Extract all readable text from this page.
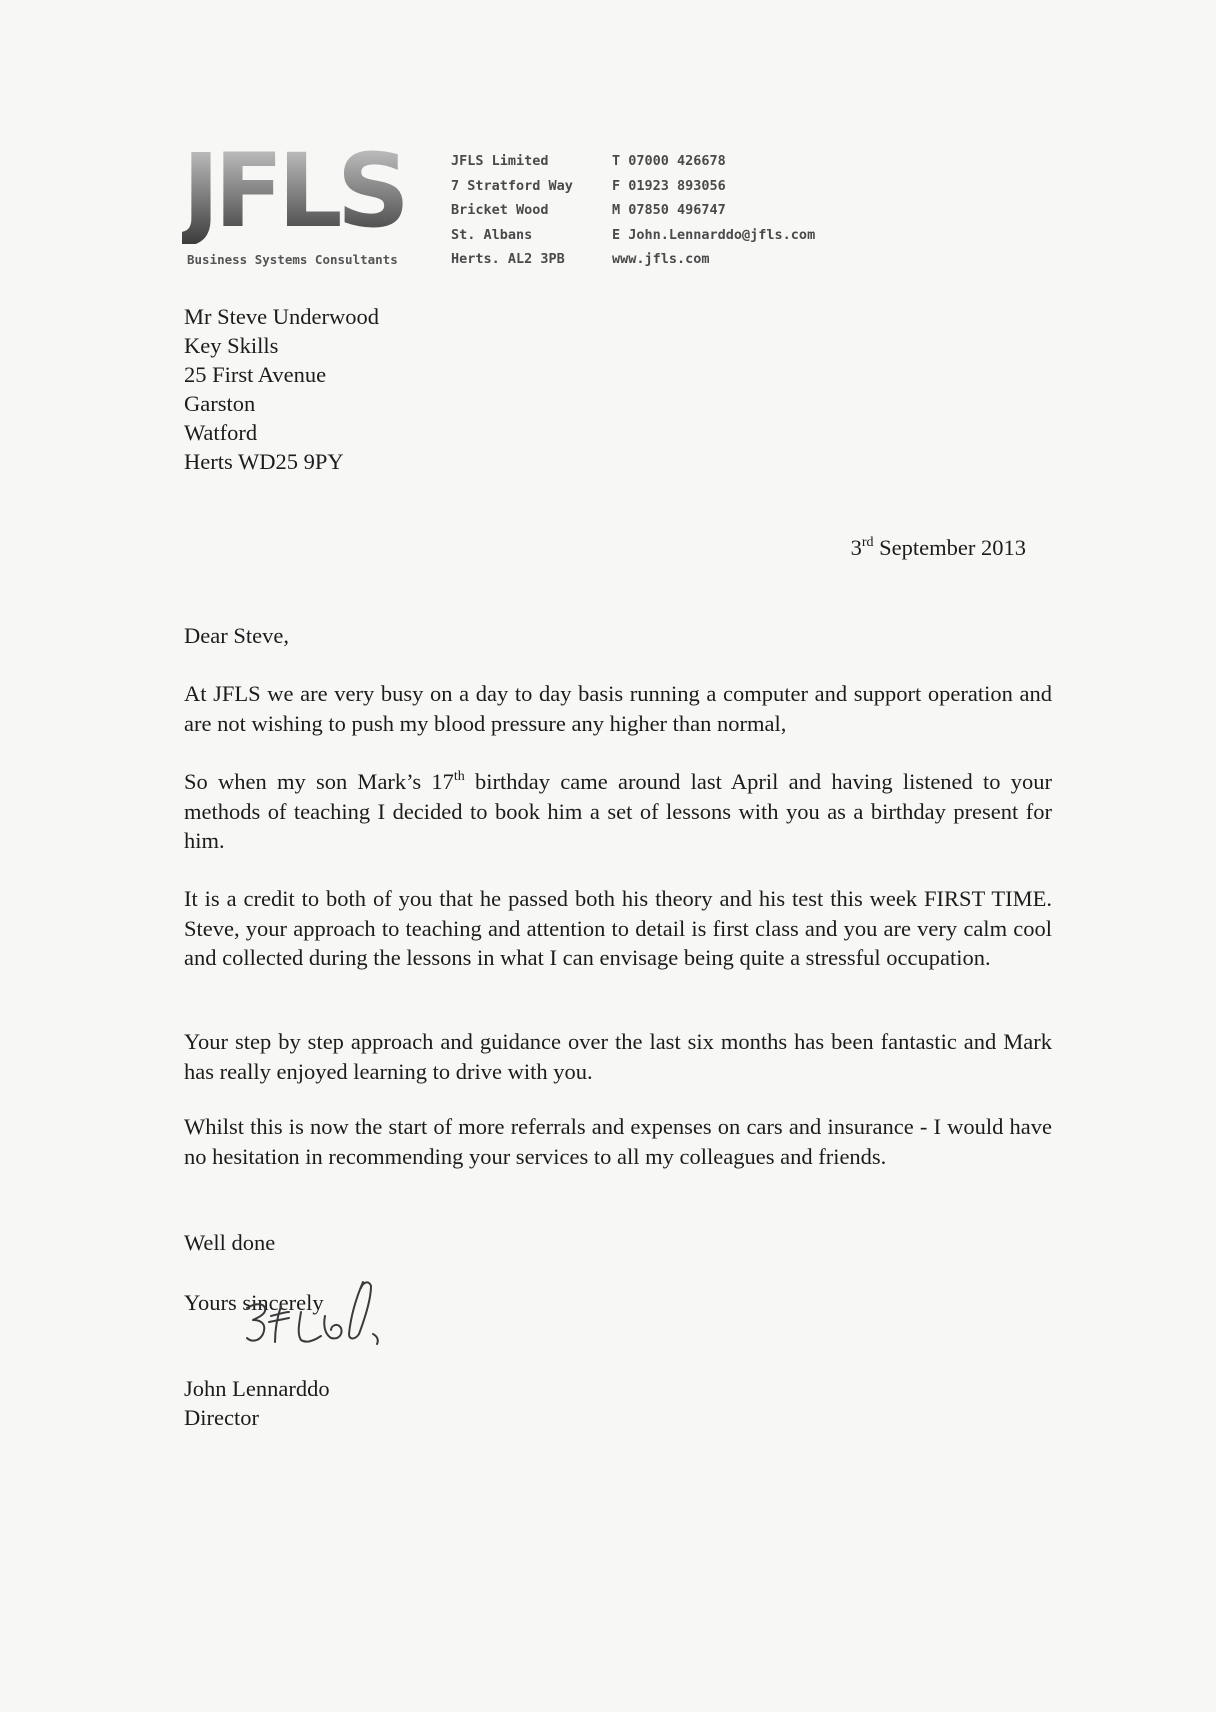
JFLS
Business Systems Consultants
JFLS Limited
7 Stratford Way
Bricket Wood
St. Albans
Herts. AL2 3PB
T 07000 426678
F 01923 893056
M 07850 496747
E John.Lennarddo@jfls.com
www.jfls.com
Mr Steve Underwood
Key Skills
25 First Avenue
Garston
Watford
Herts WD25 9PY
3rd September 2013
Dear Steve,

At JFLS we are very busy on a day to day basis running a computer and support operation and are not wishing to push my blood pressure any higher than normal,

So when my son Mark’s 17th birthday came around last April and having listened to your methods of teaching I decided to book him a set of lessons with you as a birthday present for him.

It is a credit to both of you that he passed both his theory and his test this week FIRST TIME. Steve, your approach to teaching and attention to detail is first class and you are very calm cool and collected during the lessons in what I can envisage being quite a stressful occupation.

Your step by step approach and guidance over the last six months has been fantastic and Mark has really enjoyed learning to drive with you.

Whilst this is now the start of more referrals and expenses on cars and insurance - I would have no hesitation in recommending your services to all my colleagues and friends.

Well done
Yours sincerely
John Lennarddo
Director
